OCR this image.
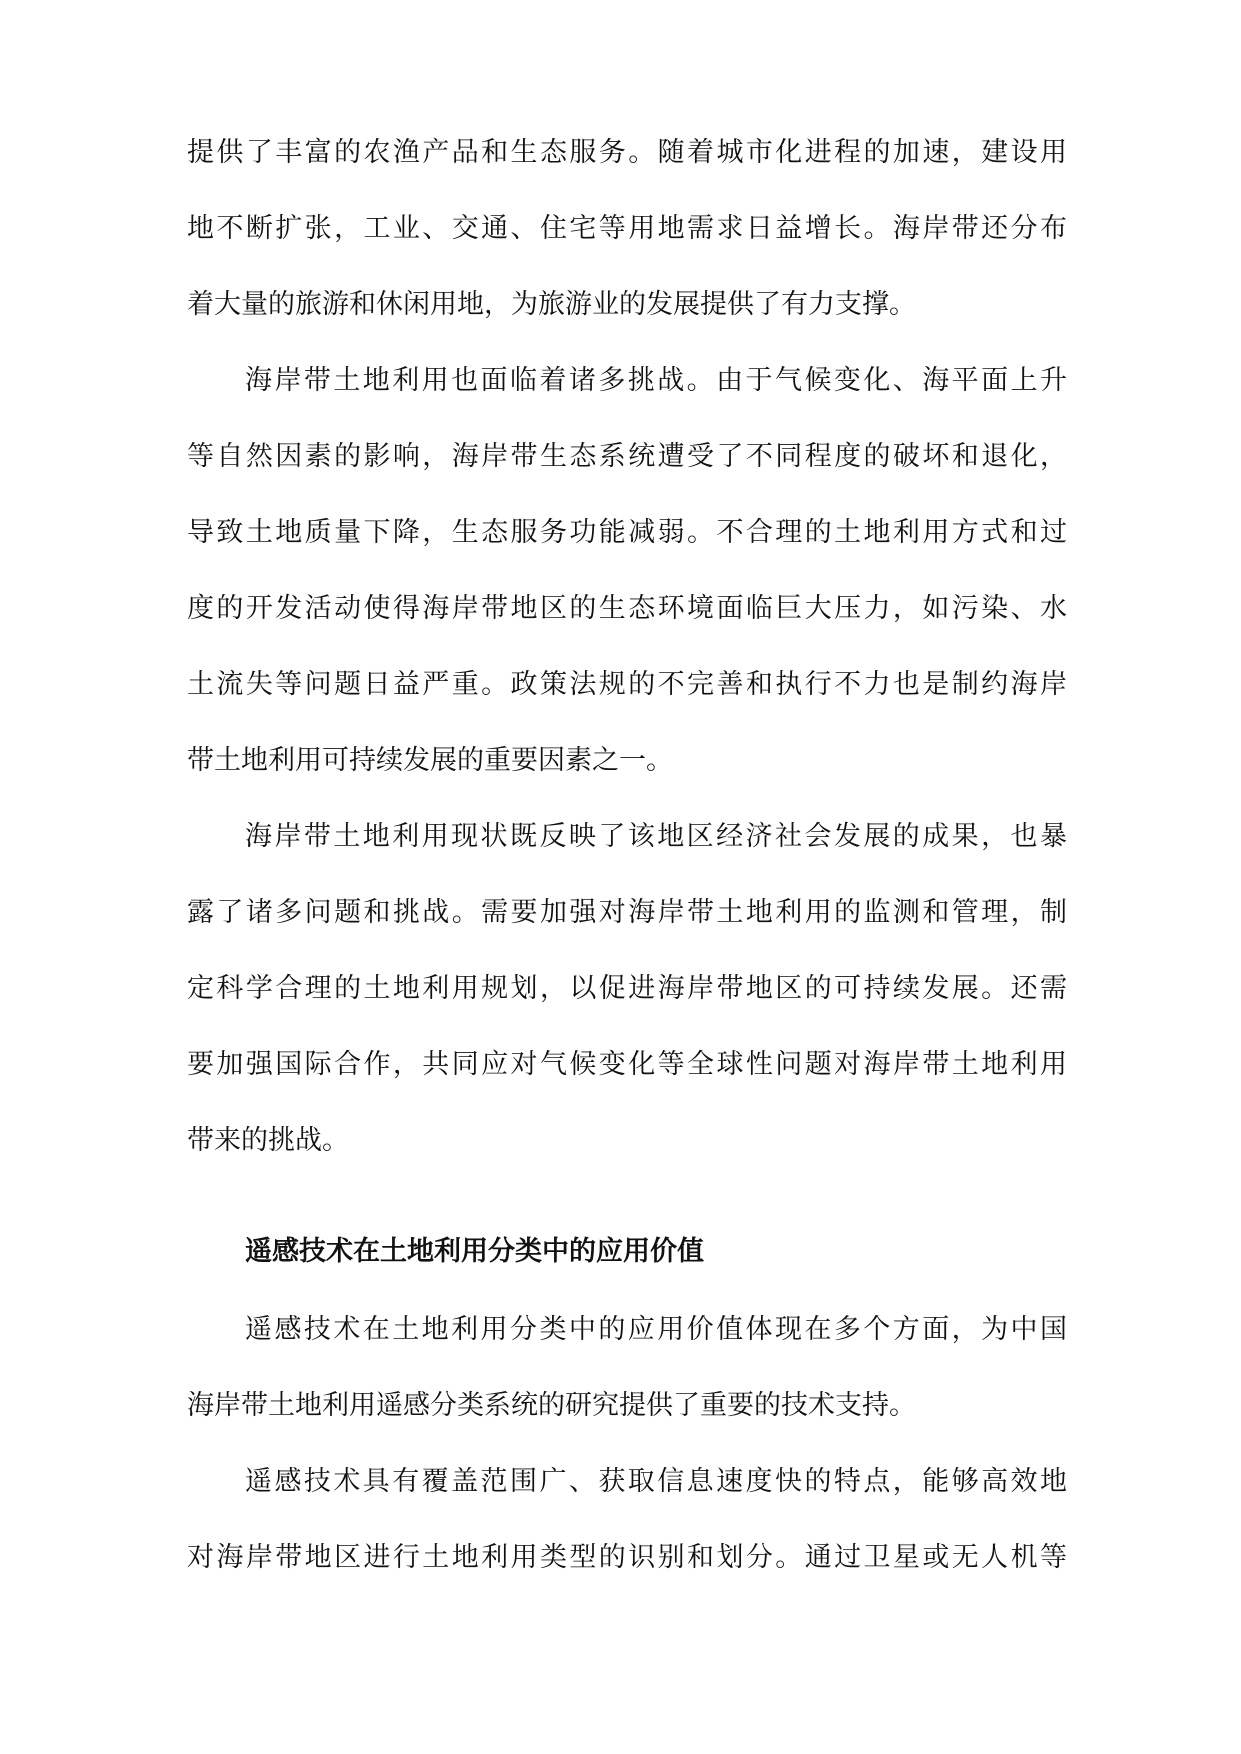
提供了丰富的农渔产品和生态服务。随着城市化进程的加速，建设用
地不断扩张，工业、交通、住宅等用地需求日益增长。海岸带还分布
着大量的旅游和休闲用地，为旅游业的发展提供了有力支撑。
海岸带土地利用也面临着诸多挑战。由于气候变化、海平面上升
等自然因素的影响，海岸带生态系统遭受了不同程度的破坏和退化，
导致土地质量下降，生态服务功能减弱。不合理的土地利用方式和过
度的开发活动使得海岸带地区的生态环境面临巨大压力，如污染、水
土流失等问题日益严重。政策法规的不完善和执行不力也是制约海岸
带土地利用可持续发展的重要因素之一。
海岸带土地利用现状既反映了该地区经济社会发展的成果，也暴
露了诸多问题和挑战。需要加强对海岸带土地利用的监测和管理，制
定科学合理的土地利用规划，以促进海岸带地区的可持续发展。还需
要加强国际合作，共同应对气候变化等全球性问题对海岸带土地利用
带来的挑战。
遥感技术在土地利用分类中的应用价值
遥感技术在土地利用分类中的应用价值体现在多个方面，为中国
海岸带土地利用遥感分类系统的研究提供了重要的技术支持。
遥感技术具有覆盖范围广、获取信息速度快的特点，能够高效地
对海岸带地区进行土地利用类型的识别和划分。通过卫星或无人机等
